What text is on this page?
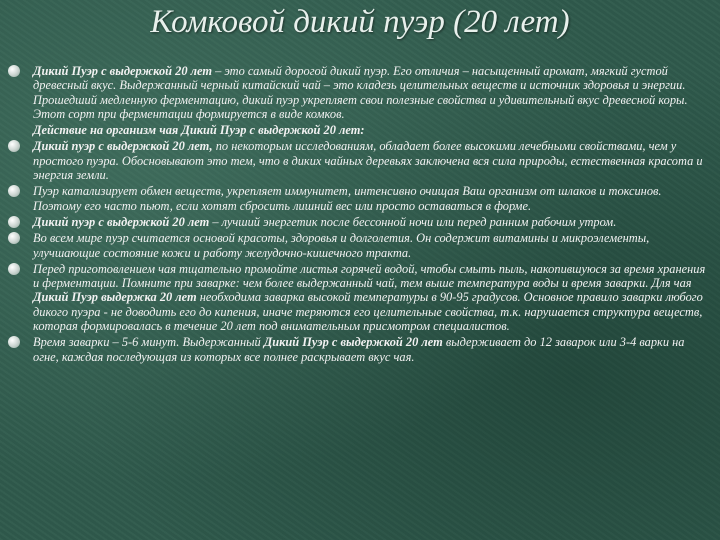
Комковой дикий пуэр (20 лет)
Дикий Пуэр с выдержкой 20 лет – это самый дорогой дикий пуэр. Его отличия – насыщенный аромат, мягкий густой древесный вкус. Выдержанный черный китайский чай – это кладезь целительных веществ и источник здоровья и энергии. Прошедший медленную ферментацию, дикий пуэр укрепляет свои полезные свойства и удивительный вкус древесной коры. Этот сорт при ферментации формируется в виде комков.
Действие на организм чая Дикий Пуэр с выдержкой 20 лет:
Дикий пуэр с выдержкой 20 лет, по некоторым исследованиям, обладает более высокими лечебными свойствами, чем у простого пуэра. Обосновывают это тем, что в диких чайных деревьях заключена вся сила природы, естественная красота и энергия земли.
Пуэр катализирует обмен веществ, укрепляет иммунитет, интенсивно очищая Ваш организм от шлаков и токсинов. Поэтому его часто пьют, если хотят сбросить лишний вес или просто оставаться в форме.
Дикий пуэр с выдержкой 20 лет – лучший энергетик после бессонной ночи или перед ранним рабочим утром.
Во всем мире пуэр считается основой красоты, здоровья и долголетия. Он содержит витамины и микроэлементы, улучшающие состояние кожи и работу желудочно-кишечного тракта.
Перед приготовлением чая тщательно промойте листья горячей водой, чтобы смыть пыль, накопившуюся за время хранения и ферментации. Помните при заварке: чем более выдержанный чай, тем выше температура воды и время заварки. Для чая Дикий Пуэр выдержка 20 лет необходима заварка высокой температуры в 90-95 градусов. Основное правило заварки любого дикого пуэра - не доводить его до кипения, иначе теряются его целительные свойства, т.к. нарушается структура веществ, которая формировалась в течение 20 лет под внимательным присмотром специалистов.
Время заварки – 5-6 минут. Выдержанный Дикий Пуэр с выдержкой 20 лет выдерживает до 12 заварок или 3-4 варки на огне, каждая последующая из которых все полнее раскрывает вкус чая.
